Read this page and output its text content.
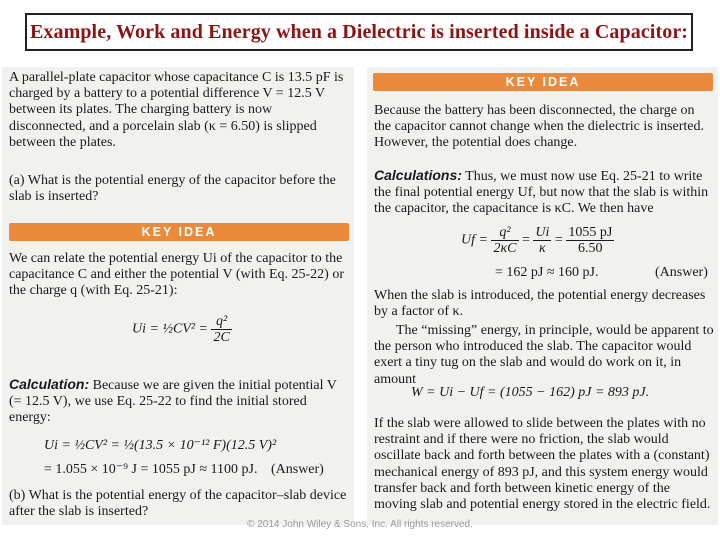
Example, Work and Energy when a Dielectric is inserted inside a Capacitor:

A parallel-plate capacitor whose capacitance C is 13.5 pF is charged by a battery to a potential difference V = 12.5 V between its plates. The charging battery is now disconnected, and a porcelain slab (κ = 6.50) is slipped between the plates.

(a) What is the potential energy of the capacitor before the slab is inserted?

KEY IDEA

We can relate the potential energy Ui of the capacitor to the capacitance C and either the potential V (with Eq. 25-22) or the charge q (with Eq. 25-21):

Ui = ½CV² = $\frac{\text{q²}}{2C}$

Calculation: Because we are given the initial potential V (= 12.5 V), we use Eq. 25-22 to find the initial stored energy:

Ui = ½CV² = ½(13.5 × 10⁻¹² F)(12.5 V)²
= 1.055 × 10⁻⁹ J = 1055 pJ ≈ 1100 pJ. (Answer)

(b) What is the potential energy of the capacitor–slab device after the slab is inserted?

KEY IDEA

Because the battery has been disconnected, the charge on the capacitor cannot change when the dielectric is inserted. However, the potential does change.

Calculations: Thus, we must now use Eq. 25-21 to write the final potential energy Uf, but now that the slab is within the capacitor, the capacitance is κC. We then have

$Uf = \frac{\text{q²}}{2\kappa C} = \frac{Ui}{\kappa} = \frac{1055 pJ}{6.50}$
= 162 pJ ≈ 160 pJ.	(Answer)

When the slab is introduced, the potential energy decreases by a factor of κ.

The “missing” energy, in principle, would be apparent to the person who introduced the slab. The capacitor would exert a tiny tug on the slab and would do work on it, in amount

W = Ui − Uf = (1055 − 162) pJ = 893 pJ.

If the slab were allowed to slide between the plates with no restraint and if there were no friction, the slab would oscillate back and forth between the plates with a (constant) mechanical energy of 893 pJ, and this system energy would transfer back and forth between kinetic energy of the moving slab and potential energy stored in the electric field.

© 2014 John Wiley & Sons, Inc. All rights reserved.
